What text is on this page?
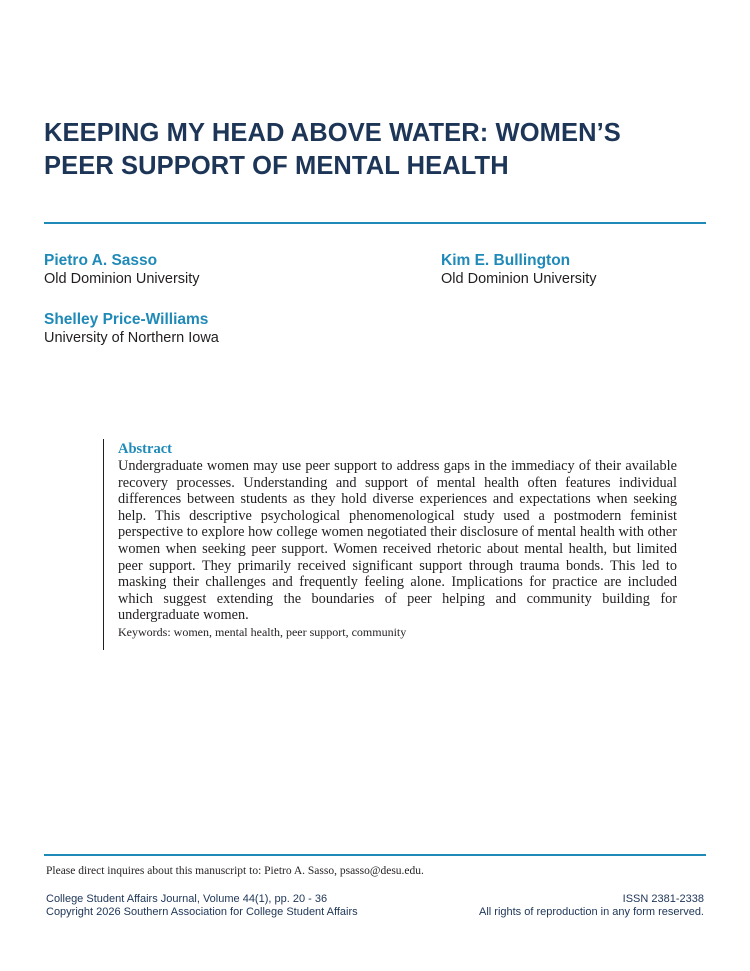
KEEPING MY HEAD ABOVE WATER: WOMEN’S
PEER SUPPORT OF MENTAL HEALTH
Pietro A. Sasso
Old Dominion University
Kim E. Bullington
Old Dominion University
Shelley Price-Williams
University of Northern Iowa
Abstract

Undergraduate women may use peer support to address gaps in the immediacy of their available recovery processes. Understanding and support of mental health often features individual differences between students as they hold diverse experiences and expectations when seeking help. This descriptive psychological phenomenological study used a postmodern feminist perspective to explore how college women negotiated their disclosure of mental health with other women when seeking peer support. Women received rhetoric about mental health, but limited peer support. They primarily received significant support through trauma bonds. This led to masking their challenges and frequently feeling alone. Implications for practice are included which suggest extending the boundaries of peer helping and community building for undergraduate women.

Keywords: women, mental health, peer support, community
Please direct inquires about this manuscript to: Pietro A. Sasso, psasso@desu.edu.
College Student Affairs Journal, Volume 44(1), pp. 20 - 36
Copyright 2026 Southern Association for College Student Affairs
ISSN 2381-2338
All rights of reproduction in any form reserved.
